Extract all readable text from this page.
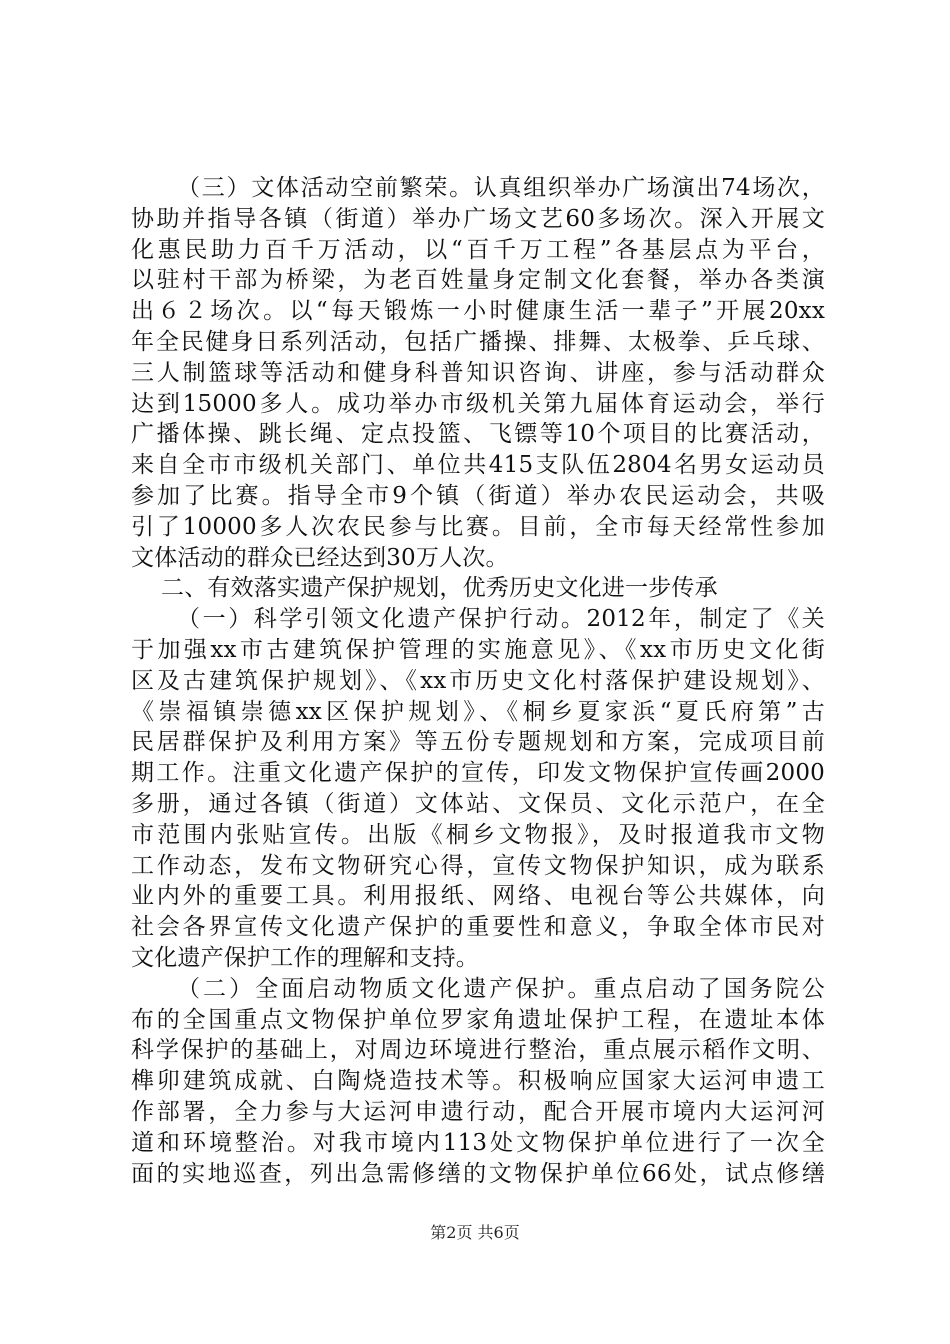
（三）文体活动空前繁荣。认真组织举办广场演出74场次，
协助并指导各镇（街道）举办广场文艺60多场次。深入开展文
化惠民助力百千万活动，以“百千万工程”各基层点为平台，
以驻村干部为桥梁，为老百姓量身定制文化套餐，举办各类演
出６２场次。以“每天锻炼一小时健康生活一辈子”开展20xx
年全民健身日系列活动，包括广播操、排舞、太极拳、乒乓球、
三人制篮球等活动和健身科普知识咨询、讲座，参与活动群众
达到15000多人。成功举办市级机关第九届体育运动会，举行
广播体操、跳长绳、定点投篮、飞镖等10个项目的比赛活动，
来自全市市级机关部门、单位共415支队伍2804名男女运动员
参加了比赛。指导全市9个镇（街道）举办农民运动会，共吸
引了10000多人次农民参与比赛。目前，全市每天经常性参加
文体活动的群众已经达到30万人次。
二、有效落实遗产保护规划，优秀历史文化进一步传承
（一）科学引领文化遗产保护行动。2012年，制定了《关
于加强xx市古建筑保护管理的实施意见》、《xx市历史文化街
区及古建筑保护规划》、《xx市历史文化村落保护建设规划》、
《崇福镇崇德xx区保护规划》、《桐乡夏家浜“夏氏府第”古
民居群保护及利用方案》等五份专题规划和方案，完成项目前
期工作。注重文化遗产保护的宣传，印发文物保护宣传画2000
多册，通过各镇（街道）文体站、文保员、文化示范户，在全
市范围内张贴宣传。出版《桐乡文物报》，及时报道我市文物
工作动态，发布文物研究心得，宣传文物保护知识，成为联系
业内外的重要工具。利用报纸、网络、电视台等公共媒体，向
社会各界宣传文化遗产保护的重要性和意义，争取全体市民对
文化遗产保护工作的理解和支持。
（二）全面启动物质文化遗产保护。重点启动了国务院公
布的全国重点文物保护单位罗家角遗址保护工程，在遗址本体
科学保护的基础上，对周边环境进行整治，重点展示稻作文明、
榫卯建筑成就、白陶烧造技术等。积极响应国家大运河申遗工
作部署，全力参与大运河申遗行动，配合开展市境内大运河河
道和环境整治。对我市境内113处文物保护单位进行了一次全
面的实地巡查，列出急需修缮的文物保护单位66处，试点修缮
第2页 共6页
